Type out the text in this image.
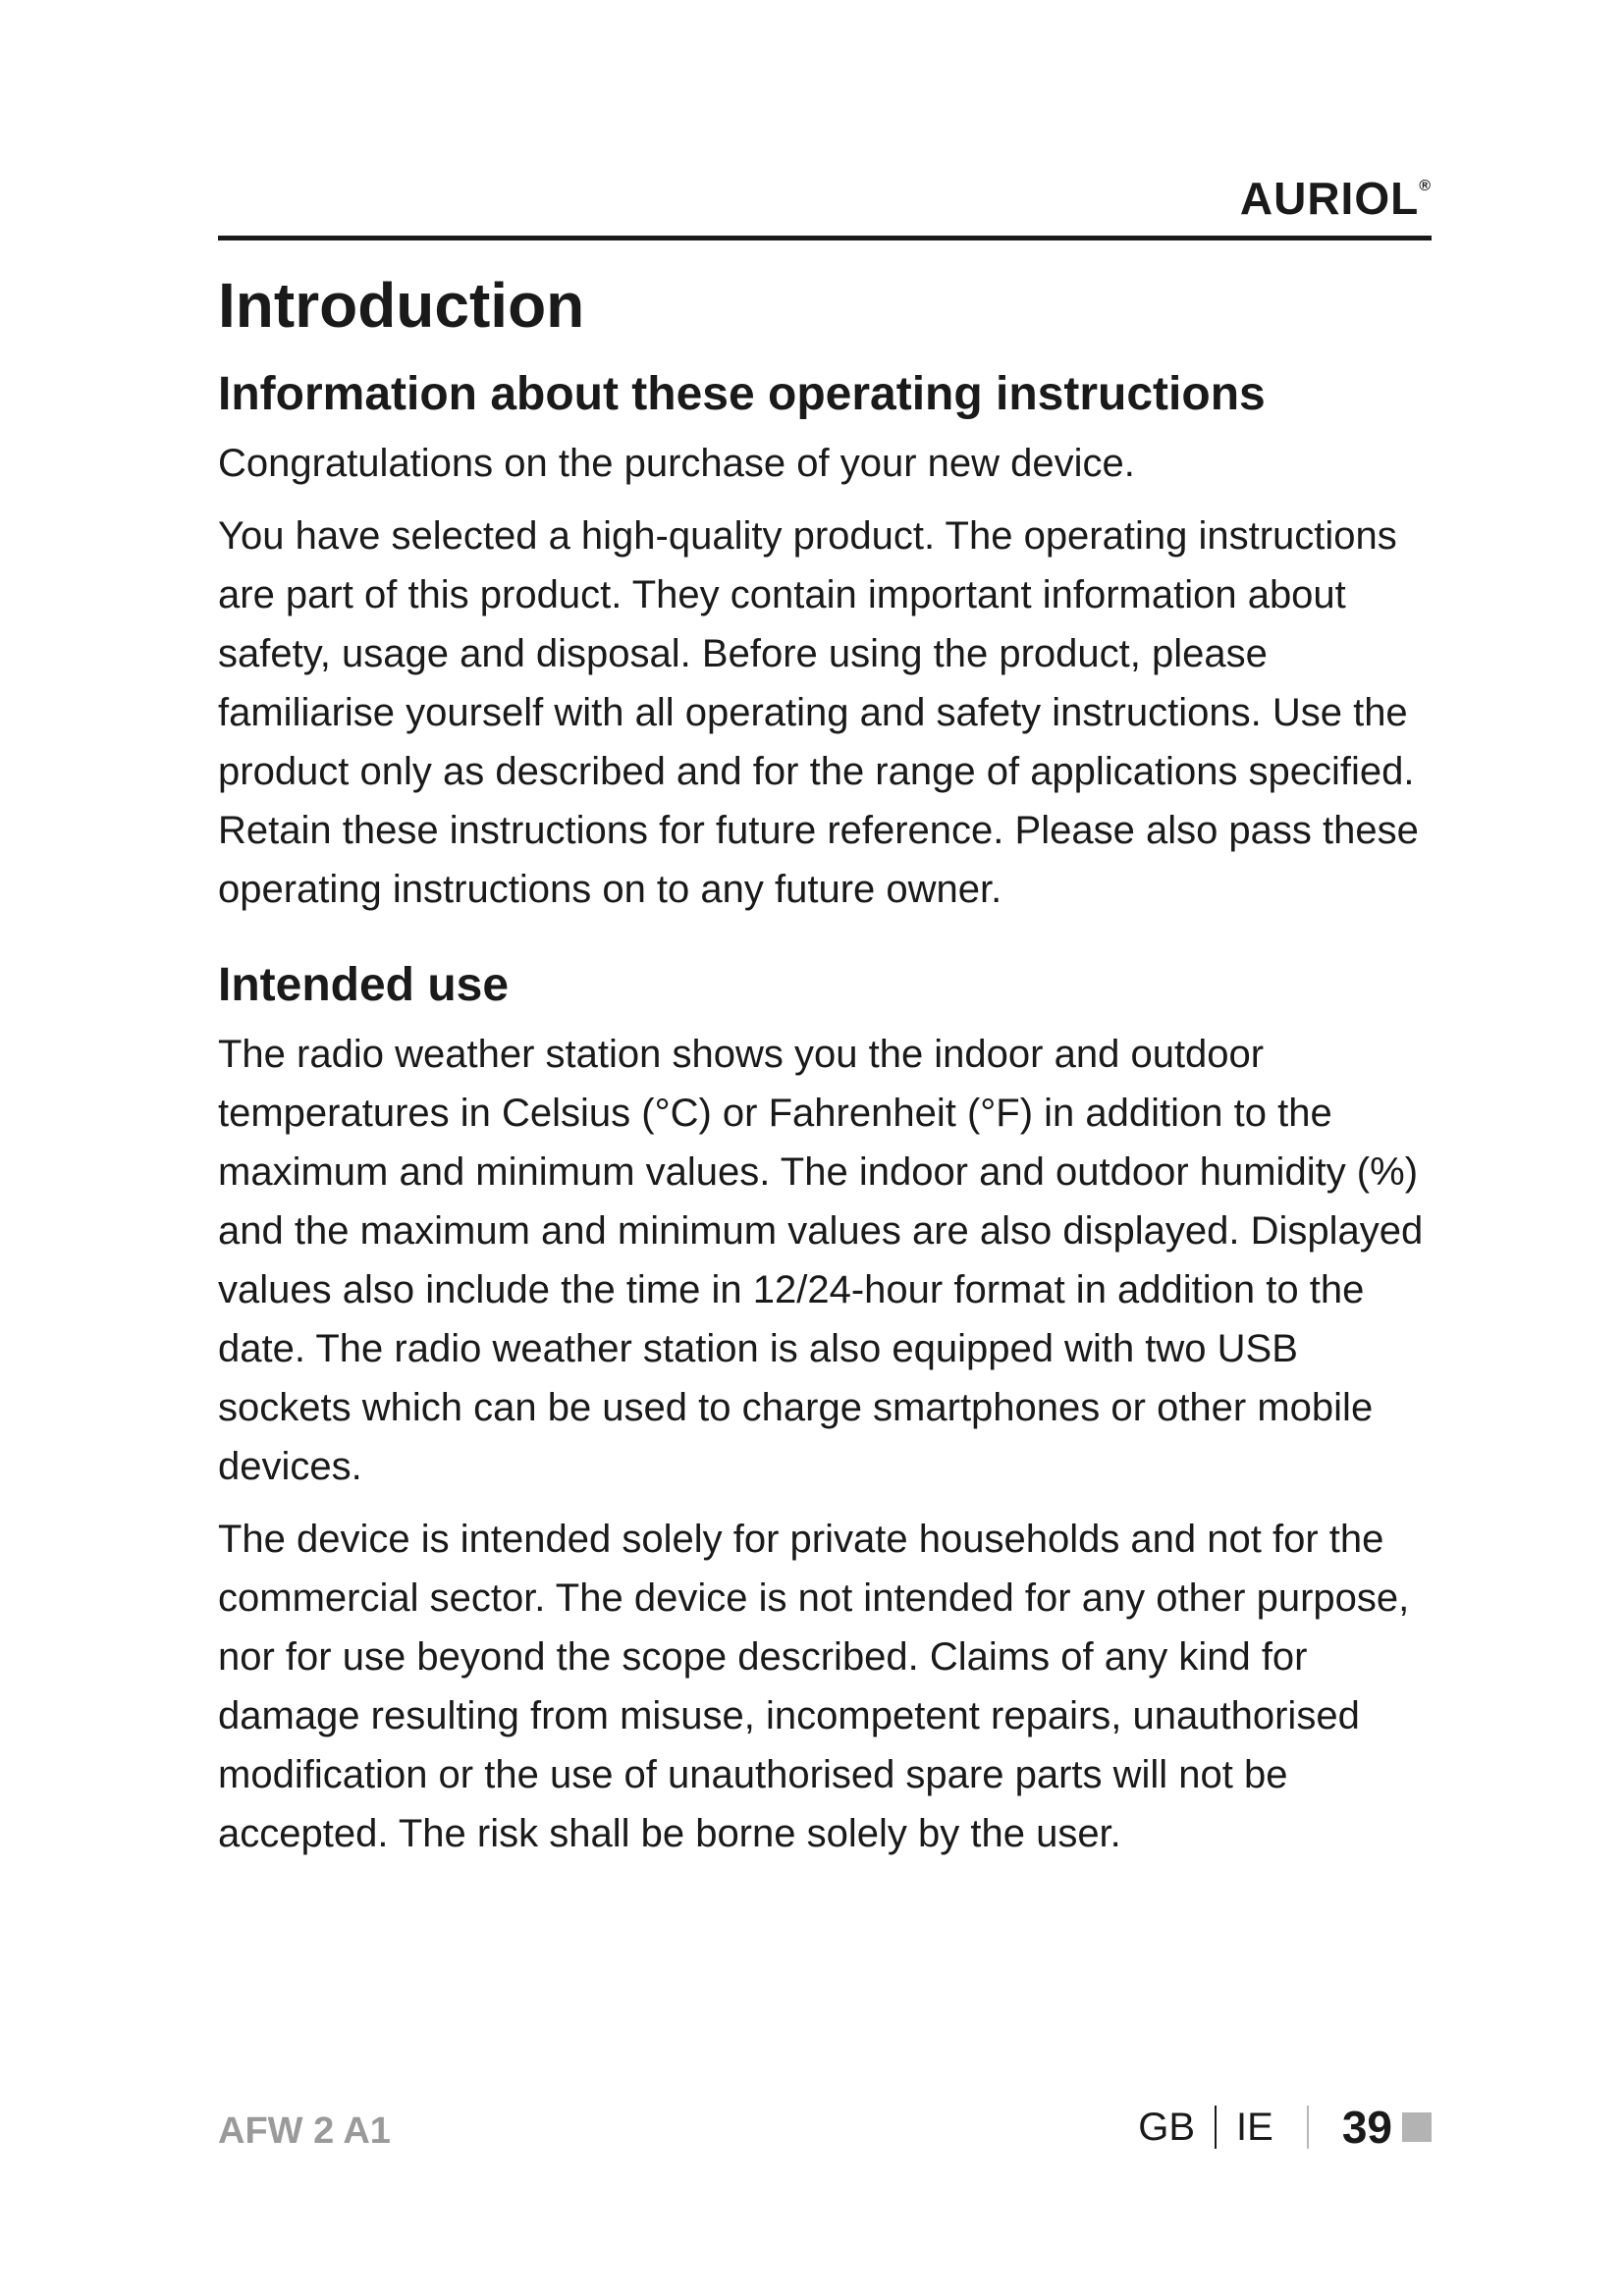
AURIOL®
Introduction
Information about these operating instructions

Congratulations on the purchase of your new device.

You have selected a high-quality product. The operating instructions are part of this product. They contain important information about safety, usage and disposal. Before using the product, please familiarise yourself with all operating and safety instructions. Use the product only as described and for the range of applications specified. Retain these instructions for future reference. Please also pass these operating instructions on to any future owner.

Intended use

The radio weather station shows you the indoor and outdoor temperatures in Celsius (°C) or Fahrenheit (°F) in addition to the maximum and minimum values. The indoor and outdoor humidity (%) and the maximum and minimum values are also displayed. Displayed values also include the time in 12/24-hour format in addition to the date. The radio weather station is also equipped with two USB sockets which can be used to charge smartphones or other mobile devices.

The device is intended solely for private households and not for the commercial sector. The device is not intended for any other purpose, nor for use beyond the scope described. Claims of any kind for damage resulting from misuse, incompetent repairs, unauthorised modification or the use of unauthorised spare parts will not be accepted. The risk shall be borne solely by the user.

AFW 2 A1	GB IE 39
